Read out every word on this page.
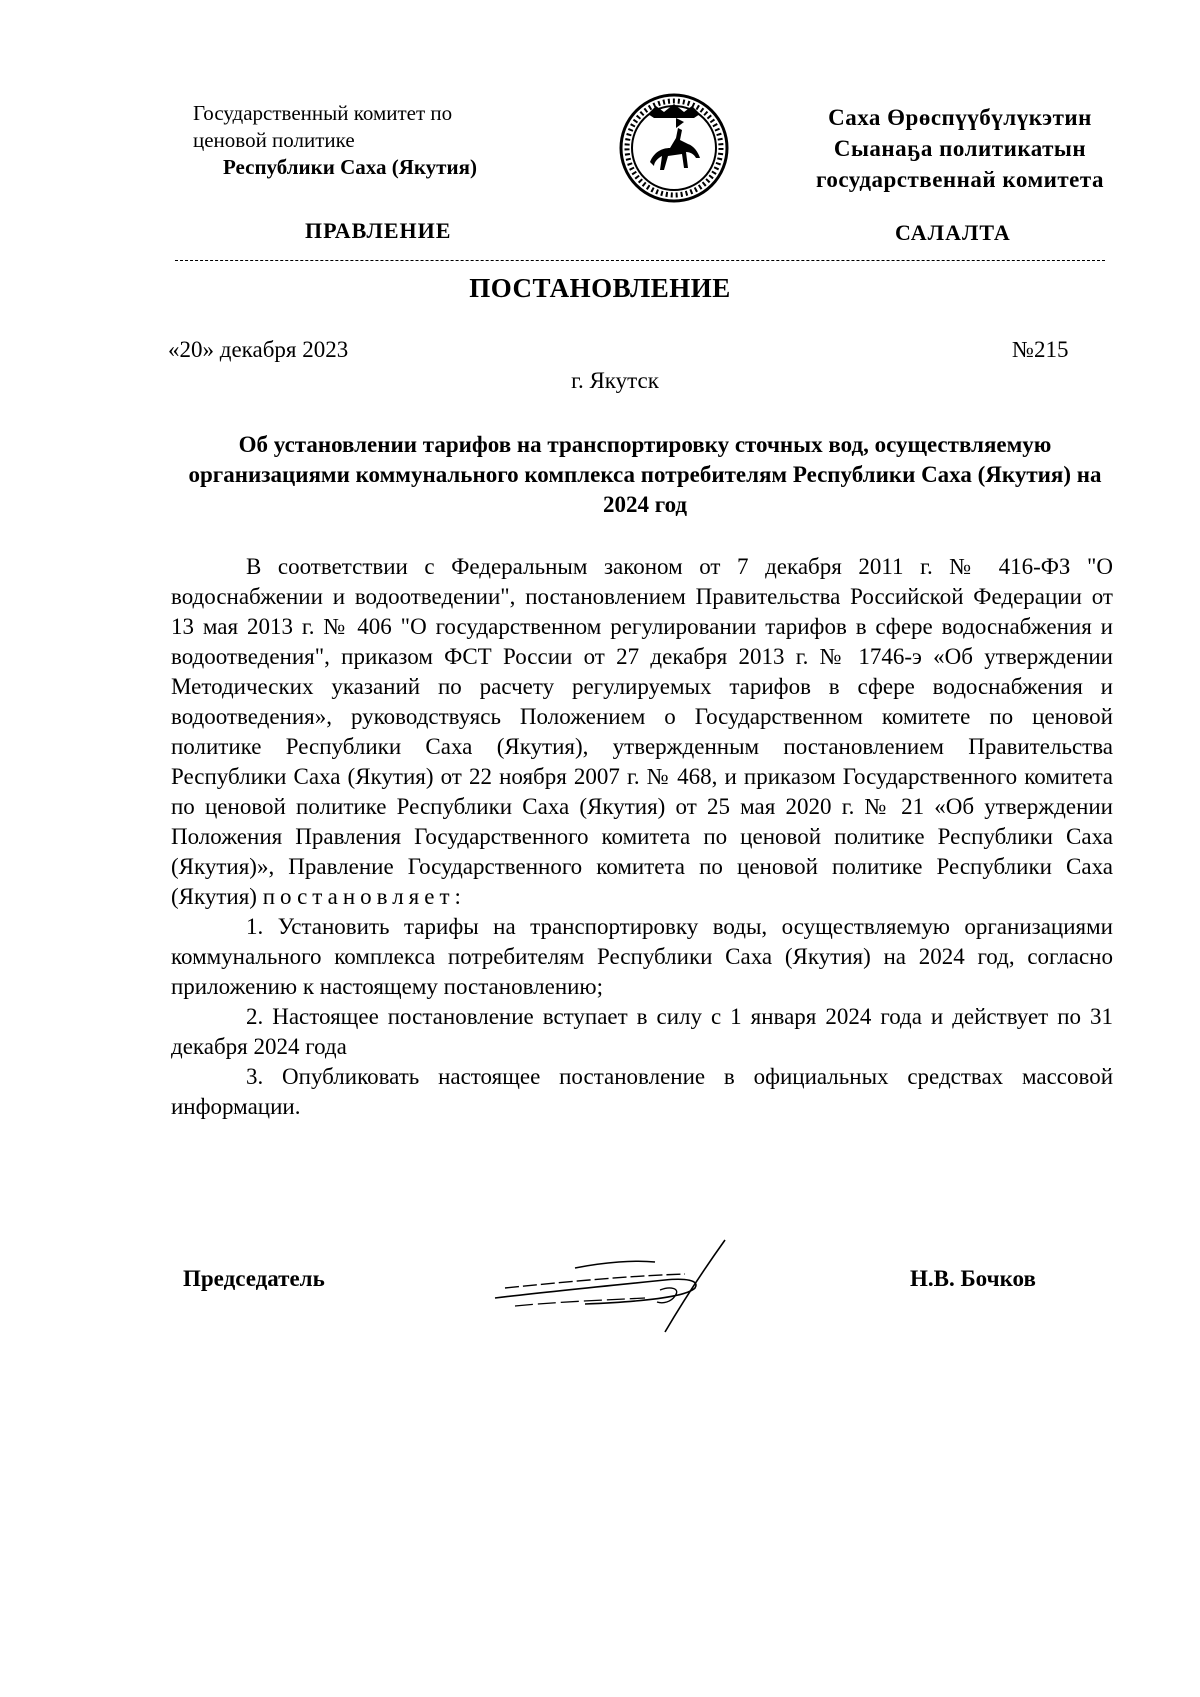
Государственный комитет по
ценовой политике
Республики Саха (Якутия)
Саха Өрөспүүбүлүкэтин
Сыанаҕа политикатын
государственнай комитета
ПРАВЛЕНИЕ	САЛАЛТА
ПОСТАНОВЛЕНИЕ
«20» декабря 2023	№215
г. Якутск
Об установлении тарифов на транспортировку сточных вод, осуществляемую организациями коммунального комплекса потребителям Республики Саха (Якутия) на 2024 год

В соответствии с Федеральным законом от 7 декабря 2011 г. № 416-ФЗ "О водоснабжении и водоотведении", постановлением Правительства Российской Федерации от 13 мая 2013 г. № 406 "О государственном регулировании тарифов в сфере водоснабжения и водоотведения", приказом ФСТ России от 27 декабря 2013 г. № 1746-э «Об утверждении Методических указаний по расчету регулируемых тарифов в сфере водоснабжения и водоотведения», руководствуясь Положением о Государственном комитете по ценовой политике Республики Саха (Якутия), утвержденным постановлением Правительства Республики Саха (Якутия) от 22 ноября 2007 г. № 468, и приказом Государственного комитета по ценовой политике Республики Саха (Якутия) от 25 мая 2020 г. № 21 «Об утверждении Положения Правления Государственного комитета по ценовой политике Республики Саха (Якутия)», Правление Государственного комитета по ценовой политике Республики Саха (Якутия) постановляет:

1. Установить тарифы на транспортировку воды, осуществляемую организациями коммунального комплекса потребителям Республики Саха (Якутия) на 2024 год, согласно приложению к настоящему постановлению;

2. Настоящее постановление вступает в силу с 1 января 2024 года и действует по 31 декабря 2024 года

3. Опубликовать настоящее постановление в официальных средствах массовой информации.

Председатель	Н.В. Бочков
